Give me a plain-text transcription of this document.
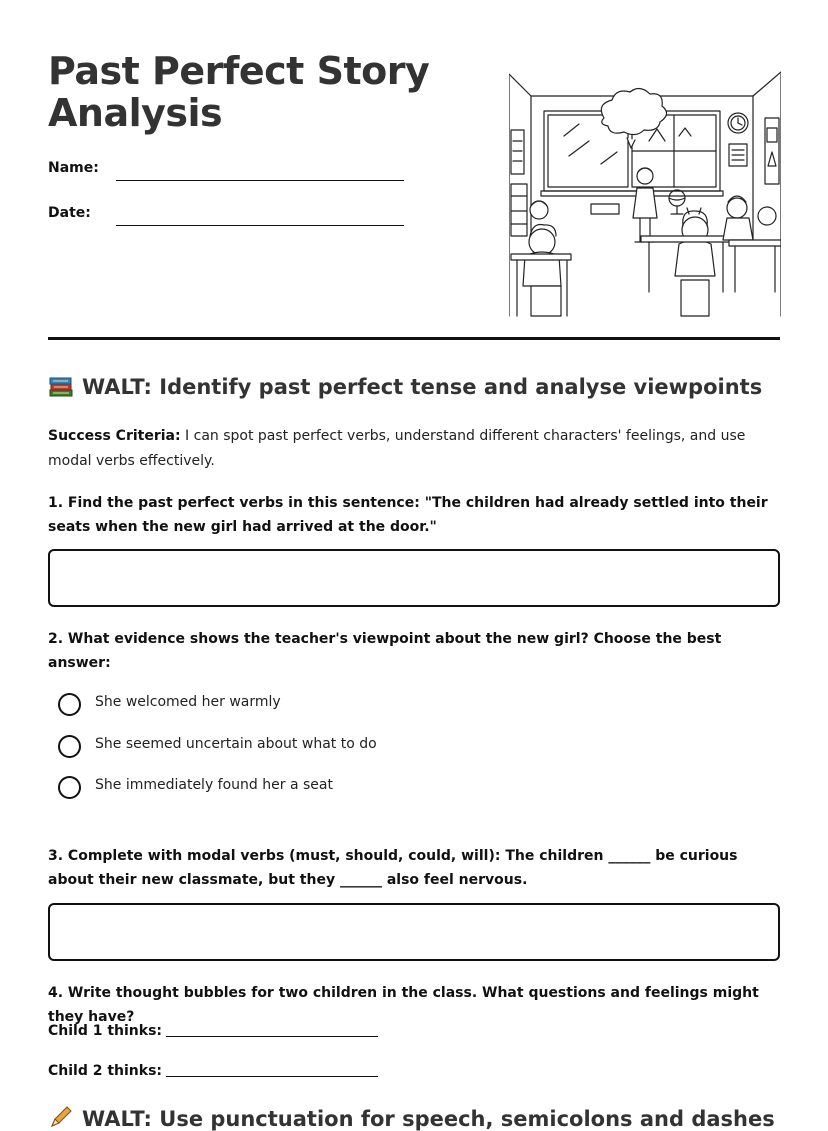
Past Perfect Story Analysis
Name:
Date:
WALT: Identify past perfect tense and analyse viewpoints
Success Criteria: I can spot past perfect verbs, understand different characters' feelings, and use modal verbs effectively.
1. Find the past perfect verbs in this sentence: "The children had already settled into their seats when the new girl had arrived at the door."
2. What evidence shows the teacher's viewpoint about the new girl? Choose the best answer:
She welcomed her warmly
She seemed uncertain about what to do
She immediately found her a seat
3. Complete with modal verbs (must, should, could, will): The children ______ be curious about their new classmate, but they ______ also feel nervous.
4. Write thought bubbles for two children in the class. What questions and feelings might they have?
Child 1 thinks:
Child 2 thinks:
WALT: Use punctuation for speech, semicolons and dashes
